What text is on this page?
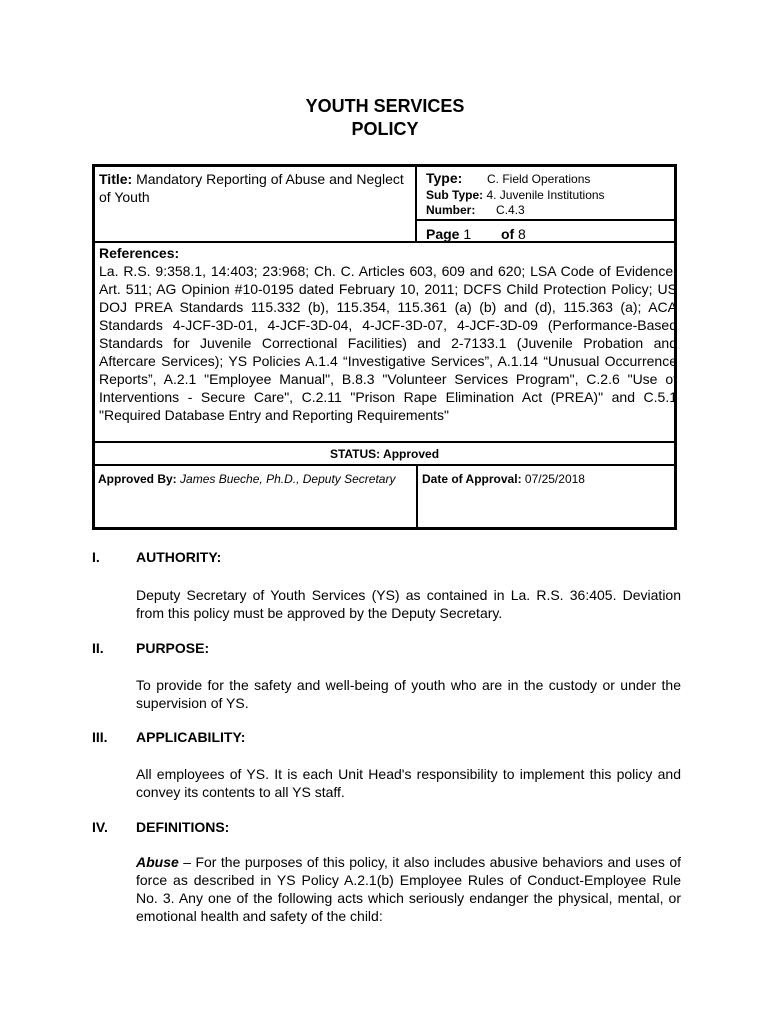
YOUTH SERVICES
POLICY
Title: Mandatory Reporting of Abuse and Neglect of Youth
Type: C. Field Operations
Sub Type: 4. Juvenile Institutions
Number: C.4.3
Page 1 of 8
References:
La. R.S. 9:358.1, 14:403; 23:968; Ch. C. Articles 603, 609 and 620; LSA Code of Evidence; Art. 511; AG Opinion #10-0195 dated February 10, 2011; DCFS Child Protection Policy; US DOJ PREA Standards 115.332 (b), 115.354, 115.361 (a) (b) and (d), 115.363 (a); ACA Standards 4-JCF-3D-01, 4-JCF-3D-04, 4-JCF-3D-07, 4-JCF-3D-09 (Performance-Based Standards for Juvenile Correctional Facilities) and 2-7133.1 (Juvenile Probation and Aftercare Services); YS Policies A.1.4 “Investigative Services”, A.1.14 “Unusual Occurrence Reports”, A.2.1 "Employee Manual", B.8.3 "Volunteer Services Program", C.2.6 "Use of Interventions - Secure Care", C.2.11 "Prison Rape Elimination Act (PREA)" and C.5.1 "Required Database Entry and Reporting Requirements"
STATUS: Approved
Approved By: James Bueche, Ph.D., Deputy Secretary	Date of Approval: 07/25/2018
I.	AUTHORITY:
Deputy Secretary of Youth Services (YS) as contained in La. R.S. 36:405. Deviation from this policy must be approved by the Deputy Secretary.
II. PURPOSE:
To provide for the safety and well-being of youth who are in the custody or under the supervision of YS.
III. APPLICABILITY:
All employees of YS. It is each Unit Head's responsibility to implement this policy and convey its contents to all YS staff.
IV. DEFINITIONS:
Abuse – For the purposes of this policy, it also includes abusive behaviors and uses of force as described in YS Policy A.2.1(b) Employee Rules of Conduct-Employee Rule No. 3. Any one of the following acts which seriously endanger the physical, mental, or emotional health and safety of the child:
